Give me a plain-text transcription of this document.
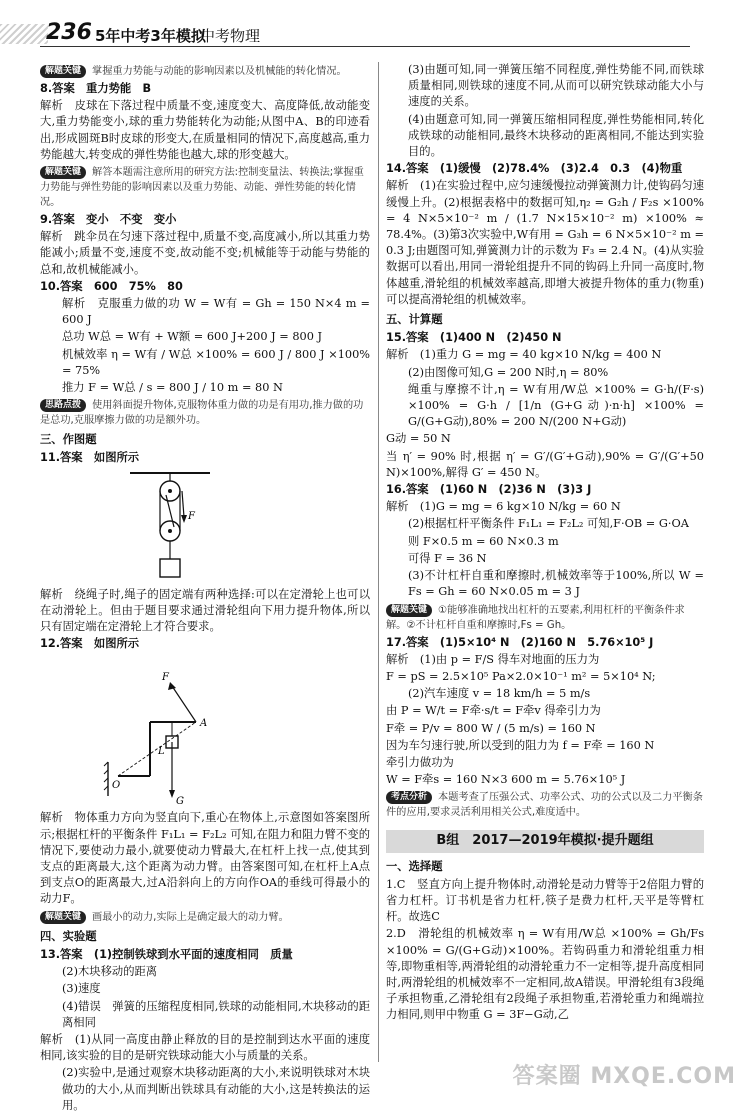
236 5年中考3年模拟
中考物理
解题关键 掌握重力势能与动能的影响因素以及机械能的转化情况。
8.答案　重力势能　B
解析　皮球在下落过程中质量不变,速度变大、高度降低,故动能变大,重力势能变小,球的重力势能转化为动能;从图中A、B的印迹看出,形成圆斑B时皮球的形变大,在质量相同的情况下,高度越高,重力势能越大,转变成的弹性势能也越大,球的形变越大。
解题关键 解答本题需注意所用的研究方法:控制变量法、转换法;掌握重力势能与弹性势能的影响因素以及重力势能、动能、弹性势能的转化情况。
9.答案　变小　不变　变小
解析　跳伞员在匀速下落过程中,质量不变,高度减小,所以其重力势能减小;质量不变,速度不变,故动能不变;机械能等于动能与势能的总和,故机械能减小。
10.答案　600　75%　80
解析　克服重力做的功 W = W有 = Gh = 150 N×4 m = 600 J
总功 W总 = W有 + W额 = 600 J+200 J = 800 J
机械效率 η = W有 / W总 ×100% = 600 J / 800 J ×100% = 75%
推力 F = W总 / s = 800 J / 10 m = 80 N
思路点拨 使用斜面提升物体,克服物体重力做的功是有用功,推力做的功是总功,克服摩擦力做的功是额外功。
三、作图题
11.答案　如图所示
F
解析　绕绳子时,绳子的固定端有两种选择:可以在定滑轮上也可以在动滑轮上。但由于题目要求通过滑轮组向下用力提升物体,所以只有固定端在定滑轮上才符合要求。
12.答案　如图所示
F
A
L
O
G
解析　物体重力方向为竖直向下,重心在物体上,示意图如答案图所示;根据杠杆的平衡条件 F₁L₁ = F₂L₂ 可知,在阻力和阻力臂不变的情况下,要使动力最小,就要使动力臂最大,在杠杆上找一点,使其到支点的距离最大,这个距离为动力臂。由答案图可知,在杠杆上A点到支点O的距离最大,过A沿斜向上的方向作OA的垂线可得最小的动力F。
解题关键 画最小的动力,实际上是确定最大的动力臂。
四、实验题
13.答案　(1)控制铁球到水平面的速度相同　质量
(2)木块移动的距离
(3)速度
(4)错误　弹簧的压缩程度相同,铁球的动能相同,木块移动的距离相同
解析　(1)从同一高度由静止释放的目的是控制到达水平面的速度相同,该实验的目的是研究铁球动能大小与质量的关系。
(2)实验中,是通过观察木块移动距离的大小,来说明铁球对木块做功的大小,从而判断出铁球具有动能的大小,这是转换法的运用。
(3)由题可知,同一弹簧压缩不同程度,弹性势能不同,而铁球质量相同,则铁球的速度不同,从而可以研究铁球动能大小与速度的关系。
(4)由题意可知,同一弹簧压缩相同程度,弹性势能相同,转化成铁球的动能相同,最终木块移动的距离相同,不能达到实验目的。
14.答案　(1)缓慢　(2)78.4%　(3)2.4　0.3　(4)物重
解析　(1)在实验过程中,应匀速缓慢拉动弹簧测力计,使钩码匀速缓慢上升。(2)根据表格中的数据可知,η₂ = G₂h / F₂s ×100% = 4 N×5×10⁻² m / (1.7 N×15×10⁻² m) ×100% ≈ 78.4%。(3)第3次实验中,W有用 = G₃h = 6 N×5×10⁻² m = 0.3 J;由题图可知,弹簧测力计的示数为 F₃ = 2.4 N。(4)从实验数据可以看出,用同一滑轮组提升不同的钩码上升同一高度时,物体越重,滑轮组的机械效率越高,即增大被提升物体的重力(物重)可以提高滑轮组的机械效率。
五、计算题
15.答案　(1)400 N　(2)450 N
解析　(1)重力 G = mg = 40 kg×10 N/kg = 400 N
(2)由图像可知,G = 200 N时,η = 80%
绳重与摩擦不计,η = W有用/W总 ×100% = G·h/(F·s) ×100% = G·h / [1/n (G+G动)·n·h] ×100% = G/(G+G动),80% = 200 N/(200 N+G动)
G动 = 50 N
当 η′ = 90% 时,根据 η′ = G′/(G′+G动),90% = G′/(G′+50 N)×100%,解得 G′ = 450 N。
16.答案　(1)60 N　(2)36 N　(3)3 J
解析　(1)G = mg = 6 kg×10 N/kg = 60 N
(2)根据杠杆平衡条件 F₁L₁ = F₂L₂ 可知,F·OB = G·OA
则 F×0.5 m = 60 N×0.3 m
可得 F = 36 N
(3)不计杠杆自重和摩擦时,机械效率等于100%,所以 W = Fs = Gh = 60 N×0.05 m = 3 J
解题关键 ①能够准确地找出杠杆的五要素,利用杠杆的平衡条件求解。②不计杠杆自重和摩擦时,Fs = Gh。
17.答案　(1)5×10⁴ N　(2)160 N　5.76×10⁵ J
解析　(1)由 p = F/S 得车对地面的压力为
F = pS = 2.5×10⁵ Pa×2.0×10⁻¹ m² = 5×10⁴ N;
(2)汽车速度 v = 18 km/h = 5 m/s
由 P = W/t = F牵·s/t = F牵v 得牵引力为
F牵 = P/v = 800 W / (5 m/s) = 160 N
因为车匀速行驶,所以受到的阻力为 f = F牵 = 160 N
牵引力做功为
W = F牵s = 160 N×3 600 m = 5.76×10⁵ J
考点分析 本题考查了压强公式、功率公式、功的公式以及二力平衡条件的应用,要求灵活利用相关公式,难度适中。
B组　2017—2019年模拟·提升题组
一、选择题
1.C　竖直方向上提升物体时,动滑轮是动力臂等于2倍阻力臂的省力杠杆。订书机是省力杠杆,筷子是费力杠杆,天平是等臂杠杆。故选C
2.D　滑轮组的机械效率 η = W有用/W总 ×100% = Gh/Fs ×100% = G/(G+G动)×100%。若钩码重力和滑轮组重力相等,即物重相等,两滑轮组的动滑轮重力不一定相等,提升高度相同时,两滑轮组的机械效率不一定相同,故A错误。甲滑轮组有3段绳子承担物重,乙滑轮组有2段绳子承担物重,若滑轮重力和绳端拉力相同,则甲中物重 G = 3F−G动,乙
答案圈 MXQE.COM
